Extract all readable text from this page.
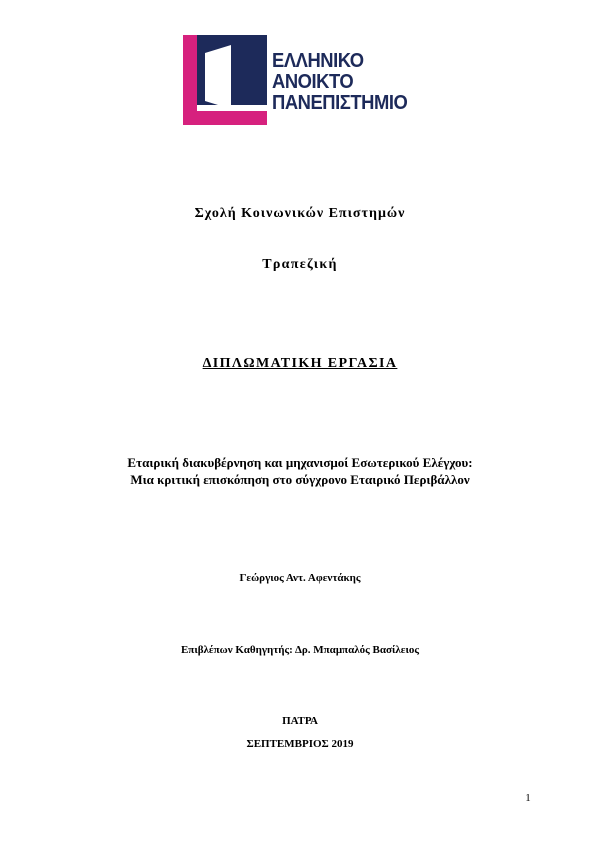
ΕΛΛΗΝΙΚΟ
ΑΝΟΙΚΤΟ
ΠΑΝΕΠΙΣΤΗΜΙΟ
Σχολή Κοινωνικών Επιστημών
Τραπεζική
ΔΙΠΛΩΜΑΤΙΚΗ ΕΡΓΑΣΙΑ
Εταιρική διακυβέρνηση και μηχανισμοί Εσωτερικού Ελέγχου:
Μια κριτική επισκόπηση στο σύγχρονο Εταιρικό Περιβάλλον
Γεώργιος Αντ. Αφεντάκης
Επιβλέπων Καθηγητής: Δρ. Μπαμπαλός Βασίλειος
ΠΑΤΡΑ
ΣΕΠΤΕΜΒΡΙΟΣ 2019
1
